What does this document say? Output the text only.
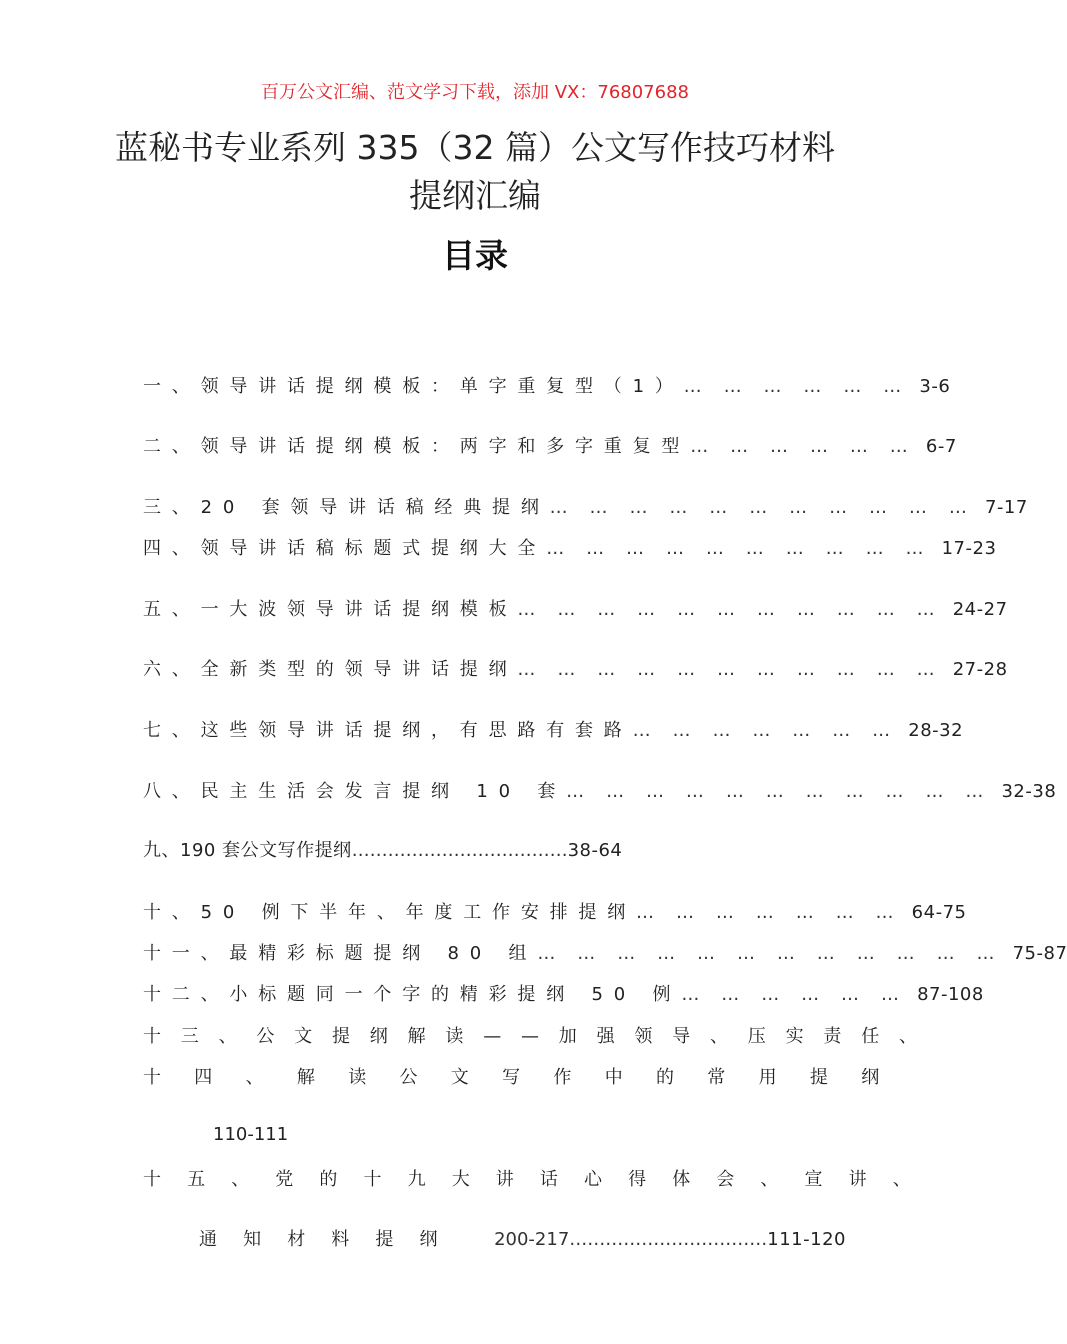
百万公文汇编、范文学习下载，添加 VX：76807688
蓝秘书专业系列 335（32 篇）公文写作技巧材料
提纲汇编
目录
一、领导讲话提纲模板：单字重复型（1） … … … … … … 3-6
二、领导讲话提纲模板：两字和多字重复型 … … … … … … 6-7
三、20 套领导讲话稿经典提纲 … … … … … … … … … … … 7-17
四、领导讲话稿标题式提纲大全 … … … … … … … … … … 17-23
五、一大波领导讲话提纲模板 … … … … … … … … … … … 24-27
六、全新类型的领导讲话提纲 … … … … … … … … … … … 27-28
七、这些领导讲话提纲，有思路有套路 … … … … … … … 28-32
八、民主生活会发言提纲 10 套 … … … … … … … … … … … 32-38
九、190 套公文写作提纲 ……………………………… 38-64
十、50 例下半年、年度工作安排提纲 … … … … … … … 64-75
十一、最精彩标题提纲 80 组 … … … … … … … … … … … … 75-87
十二、小标题同一个字的精彩提纲 50 例 … … … … … … 87-108
十三、公文提纲解读——加强领导、压实责任、
十四、解读公文写作中的常用提纲
110-111
十五、党的十九大讲话心得体会、宣讲、
通知材料提纲 200-217…………………………… 111-120
